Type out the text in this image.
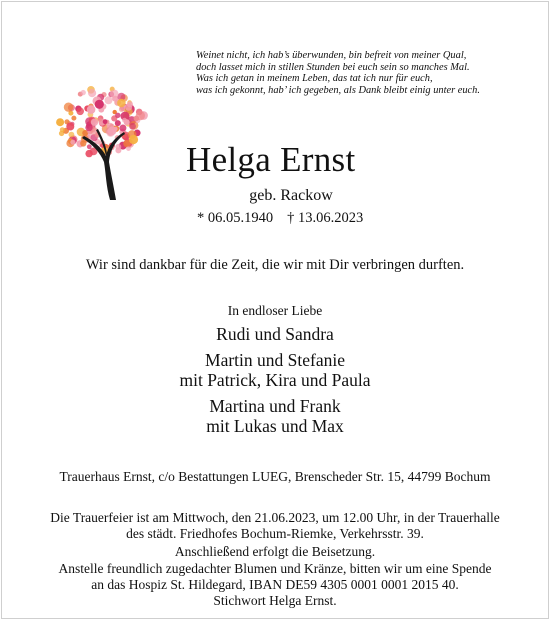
Weinet nicht, ich hab’s überwunden, bin befreit von meiner Qual,
doch lasset mich in stillen Stunden bei euch sein so manches Mal.
Was ich getan in meinem Leben, das tat ich nur für euch,
was ich gekonnt, hab’ ich gegeben, als Dank bleibt einig unter euch.
Helga Ernst
geb. Rackow
* 06.05.1940 † 13.06.2023
Wir sind dankbar für die Zeit, die wir mit Dir verbringen durften.
In endloser Liebe
Rudi und Sandra
Martin und Stefanie
mit Patrick, Kira und Paula
Martina und Frank
mit Lukas und Max
Trauerhaus Ernst, c/o Bestattungen LUEG, Brenscheder Str. 15, 44799 Bochum
Die Trauerfeier ist am Mittwoch, den 21.06.2023, um 12.00 Uhr, in der Trauerhalle
des städt. Friedhofes Bochum-Riemke, Verkehrsstr. 39.
Anschließend erfolgt die Beisetzung.
Anstelle freundlich zugedachter Blumen und Kränze, bitten wir um eine Spende
an das Hospiz St. Hildegard, IBAN DE59 4305 0001 0001 2015 40.
Stichwort Helga Ernst.
